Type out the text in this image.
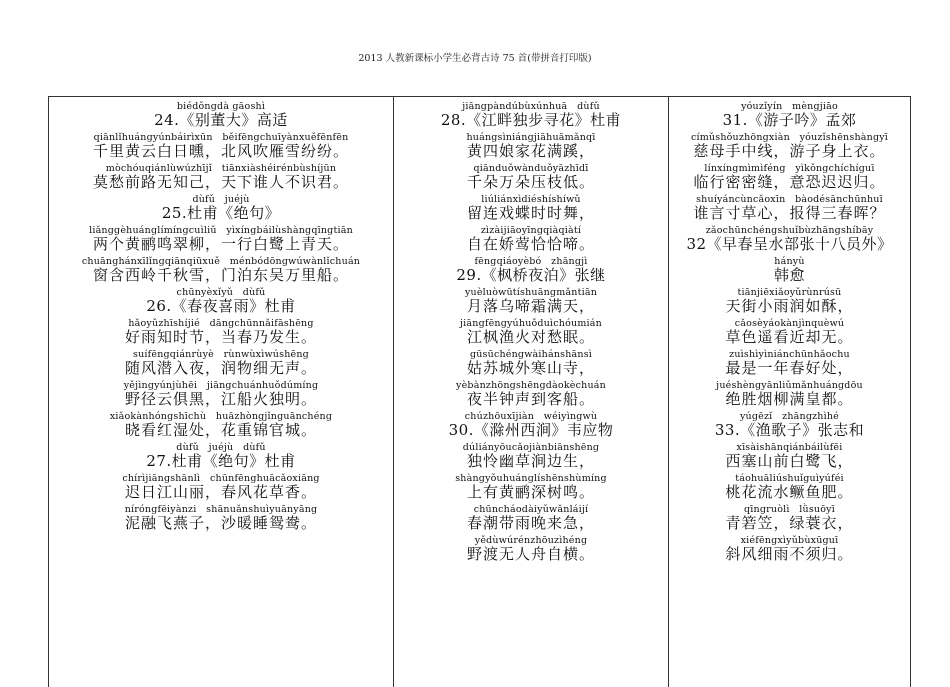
2013 人教新课标小学生必背古诗 75 首(带拼音打印版)
biédǒngdà gāoshì
24.《别董大》高适
qiānlǐhuángyúnbáirìxūn　běifēngchuīyànxuěfēnfēn
千里黄云白日曛，北风吹雁雪纷纷。
mòchóuqiánlùwúzhījǐ　tiānxiàshéirénbùshíjūn
莫愁前路无知己，天下谁人不识君。
dùfǔ　juéjù
25.杜甫《绝句》
liǎnggèhuánglímíngcuìliǔ　yìxíngbáilùshàngqīngtiān
两个黄鹂鸣翠柳，一行白鹭上青天。
chuānghánxīlǐngqiānqiūxuě　ménbódōngwúwànlǐchuán
窗含西岭千秋雪，门泊东吴万里船。
chūnyèxǐyǔ　dùfǔ
26.《春夜喜雨》杜甫
hǎoyǔzhīshíjié　dāngchūnnǎifāshēng
好雨知时节，当春乃发生。
suífēngqiánrùyè　rùnwùxìwúshēng
随风潜入夜，润物细无声。
yějìngyúnjùhēi　jiāngchuánhuǒdúmíng
野径云俱黑，江船火独明。
xiǎokànhóngshīchù　huāzhòngjǐnguānchéng
晓看红湿处，花重锦官城。
dùfǔ　juéjù　dùfǔ
27.杜甫《绝句》杜甫
chírìjiāngshānlì　chūnfēnghuācǎoxiāng
迟日江山丽，春风花草香。
níróngfēiyànzi　shānuǎnshuìyuānyāng
泥融飞燕子，沙暖睡鸳鸯。
jiāngpàndúbùxúnhuā　dùfǔ
28.《江畔独步寻花》杜甫
huángsìniángjiāhuāmǎnqī
黄四娘家花满蹊，
qiānduǒwànduǒyāzhīdī
千朵万朵压枝低。
liúliánxìdiéshíshíwǔ
留连戏蝶时时舞，
zìzàijiāoyīngqiàqiàtí
自在娇莺恰恰啼。
fēngqiáoyèbó　zhāngjì
29.《枫桥夜泊》张继
yuèluòwūtíshuāngmǎntiān
月落乌啼霜满天，
jiāngfēngyúhuǒduìchóumián
江枫渔火对愁眠。
gūsūchéngwàihánshānsì
姑苏城外寒山寺，
yèbànzhōngshēngdàokèchuán
夜半钟声到客船。
chúzhōuxījiàn　wéiyìngwù
30.《滁州西涧》韦应物
dúliányōucǎojiànbiānshēng
独怜幽草涧边生，
shàngyǒuhuánglíshēnshùmíng
上有黄鹂深树鸣。
chūncháodàiyǔwǎnláijí
春潮带雨晚来急，
yědùwúrénzhōuzìhéng
野渡无人舟自横。
yóuzǐyín　mèngjiāo
31.《游子吟》孟郊
címǔshǒuzhōngxiàn　yóuzǐshēnshàngyī
慈母手中线，游子身上衣。
línxíngmìmìféng　yìkǒngchíchíguī
临行密密缝，意恐迟迟归。
shuíyáncùncǎoxīn　bàodésānchūnhuī
谁言寸草心，报得三春晖？
zǎochūnchéngshuǐbùzhāngshíbāy
32《早春呈水部张十八员外》
hányù
韩愈
tiānjiēxiǎoyǔrùnrúsū
天街小雨润如酥，
cǎosèyáokànjìnquèwú
草色遥看近却无。
zuìshìyìniánchūnhǎochu
最是一年春好处，
juéshèngyānliǔmǎnhuángdōu
绝胜烟柳满皇都。
yúgēzǐ　zhāngzhìhé
33.《渔歌子》张志和
xīsàishānqiánbáilùfēi
西塞山前白鹭飞，
táohuāliúshuǐguìyúféi
桃花流水鳜鱼肥。
qīngruòlì　lǜsuōyī
青箬笠，绿蓑衣，
xiéfēngxìyǔbùxūguī
斜风细雨不须归。
